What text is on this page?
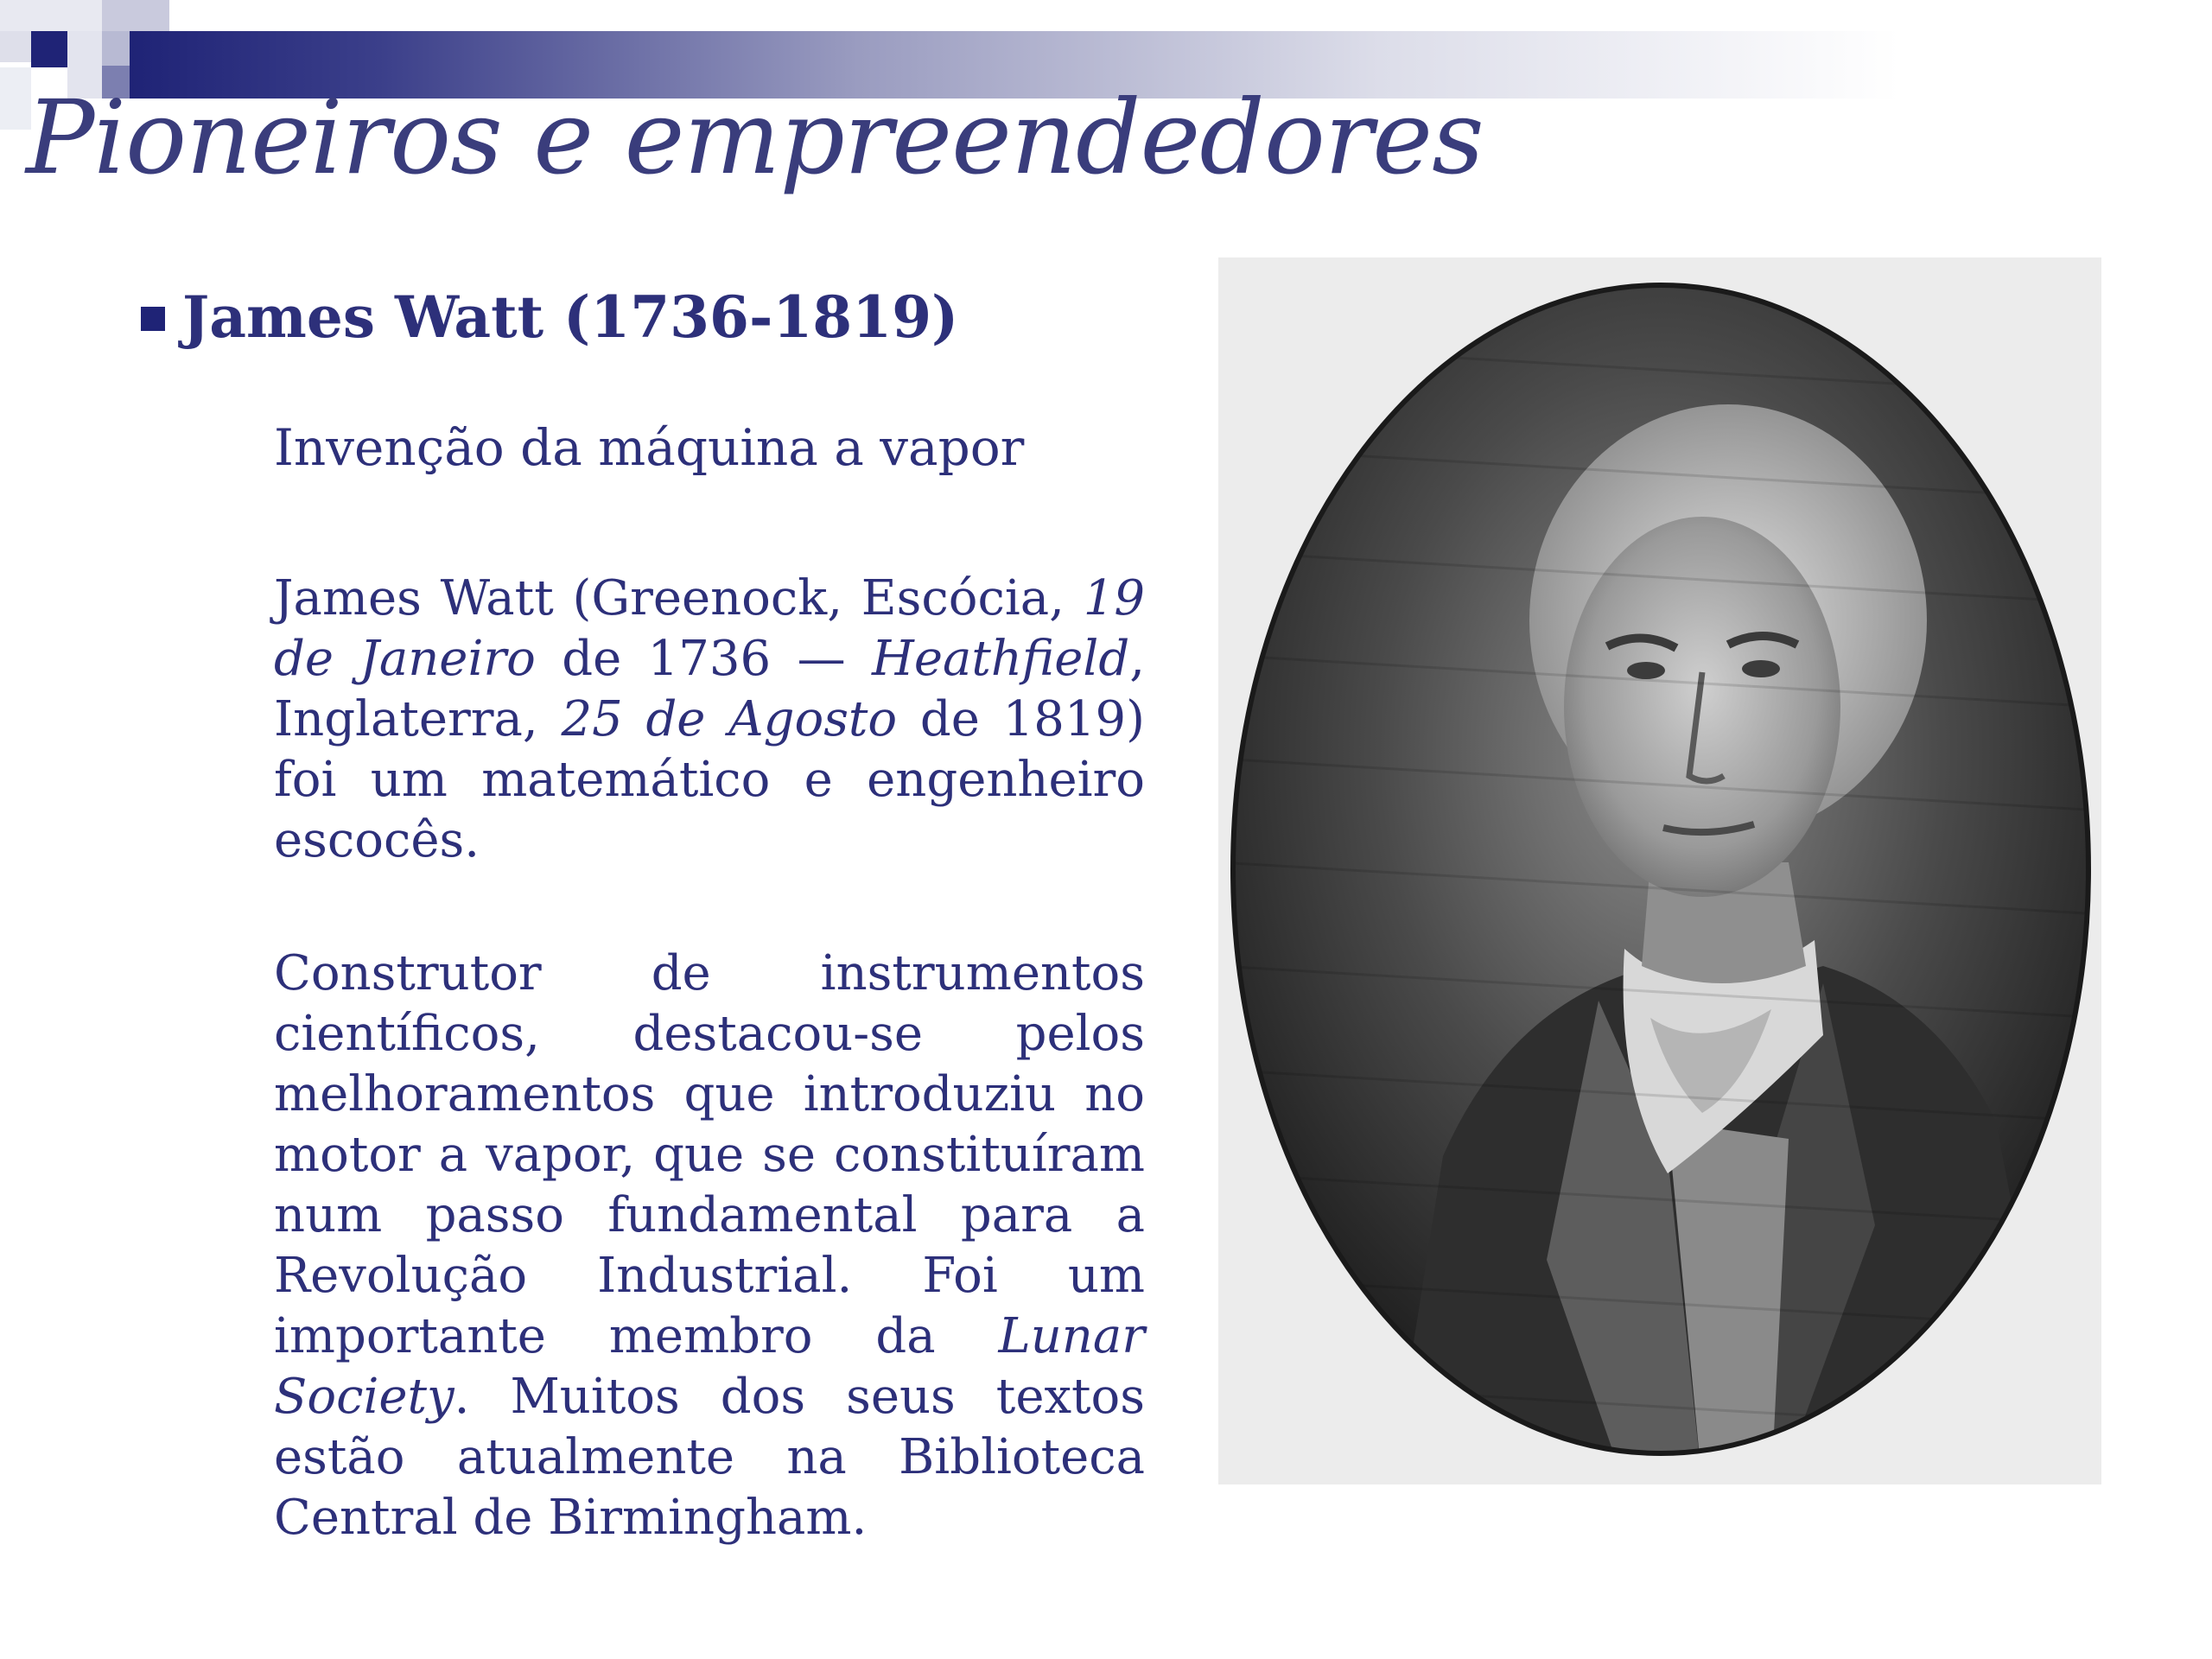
Pioneiros e empreendedores
James Watt (1736-1819)
Invenção da máquina a vapor
James Watt (Greenock, Escócia, 19 de Janeiro de 1736 — Heathfield, Inglaterra, 25 de Agosto de 1819) foi um matemático e engenheiro escocês.
Construtor de instrumentos científicos, destacou-se pelos melhoramentos que introduziu no motor a vapor, que se constituíram num passo fundamental para a Revolução Industrial. Foi um importante membro da Lunar Society. Muitos dos seus textos estão atualmente na Biblioteca Central de Birmingham.
